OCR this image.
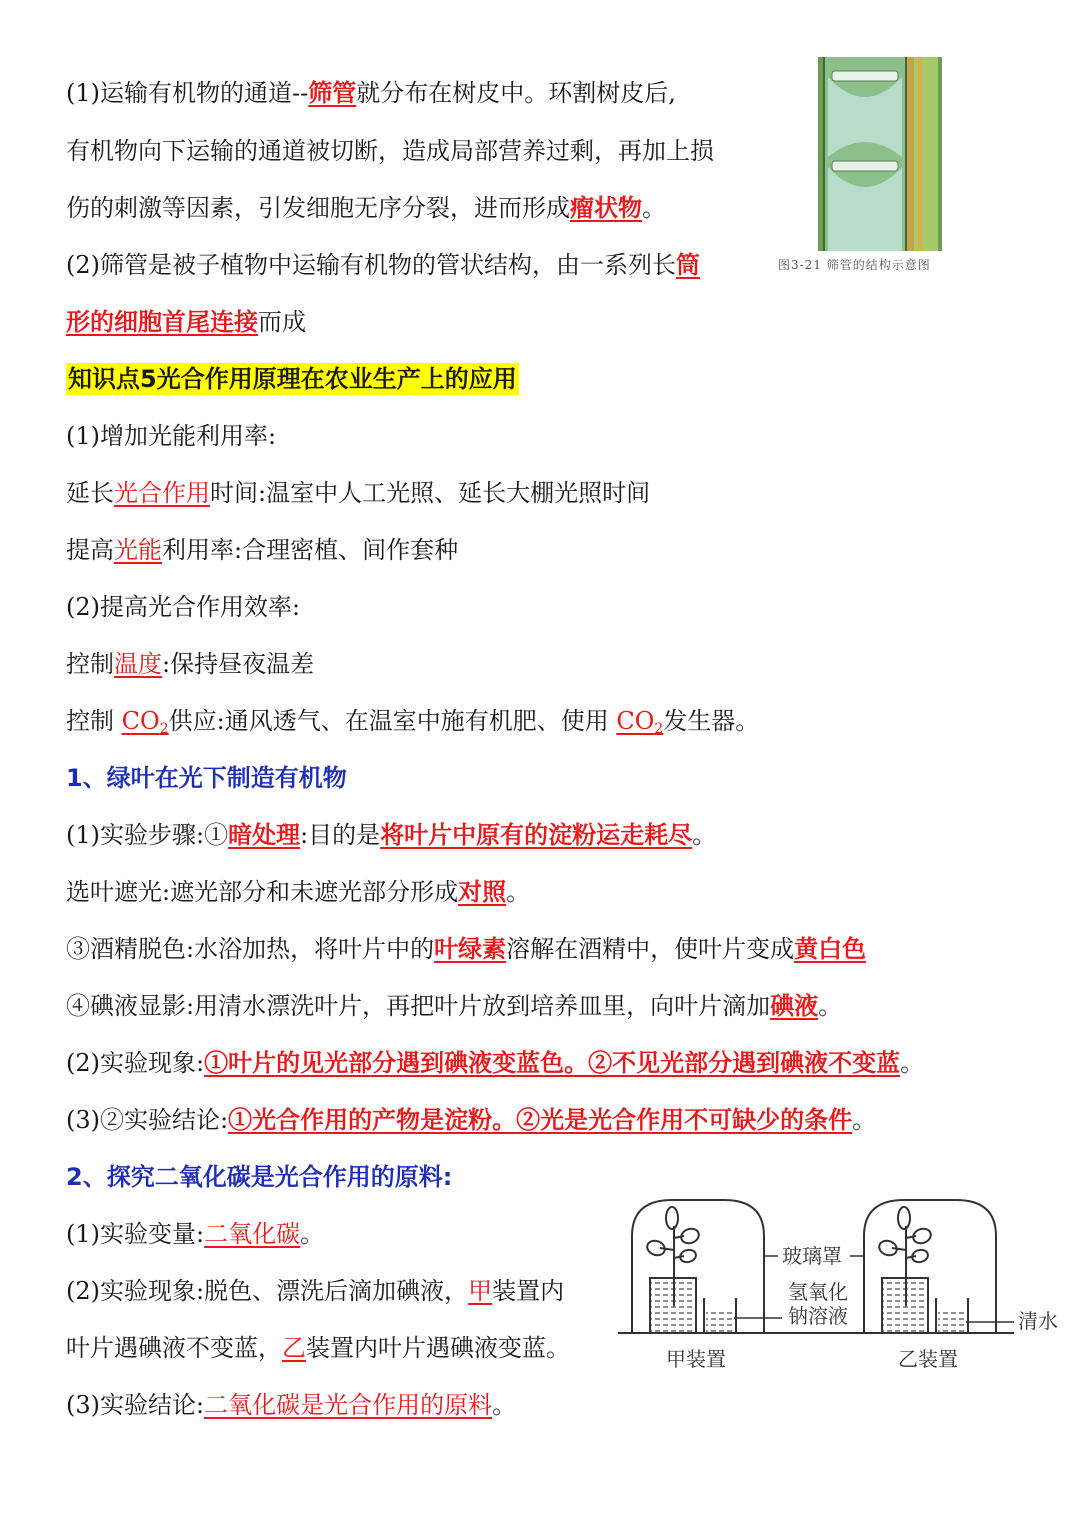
(1)运输有机物的通道--筛管就分布在树皮中。环割树皮后,
有机物向下运输的通道被切断，造成局部营养过剩，再加上损
伤的刺激等因素，引发细胞无序分裂，进而形成瘤状物。
(2)筛管是被子植物中运输有机物的管状结构，由一系列长筒
形的细胞首尾连接而成
图3-21 筛管的结构示意图
知识点5光合作用原理在农业生产上的应用
(1)增加光能利用率:
延长光合作用时间:温室中人工光照、延长大棚光照时间
提高光能利用率:合理密植、间作套种
(2)提高光合作用效率:
控制温度:保持昼夜温差
控制 $CO_2$供应:通风透气、在温室中施有机肥、使用 $CO_2$发生器。
1、绿叶在光下制造有机物
(1)实验步骤:①暗处理:目的是将叶片中原有的淀粉运走耗尽。
选叶遮光:遮光部分和未遮光部分形成对照。
③酒精脱色:水浴加热，将叶片中的叶绿素溶解在酒精中，使叶片变成黄白色
④碘液显影:用清水漂洗叶片，再把叶片放到培养皿里，向叶片滴加碘液。
(2)实验现象:①叶片的见光部分遇到碘液变蓝色。②不见光部分遇到碘液不变蓝。
(3)②实验结论:①光合作用的产物是淀粉。②光是光合作用不可缺少的条件。
2、探究二氧化碳是光合作用的原料:
(1)实验变量:二氧化碳。
(2)实验现象:脱色、漂洗后滴加碘液，甲装置内
叶片遇碘液不变蓝，乙装置内叶片遇碘液变蓝。
(3)实验结论:二氧化碳是光合作用的原料。
玻璃罩
氢氧化
钠溶液	清水
甲装置	乙装置
